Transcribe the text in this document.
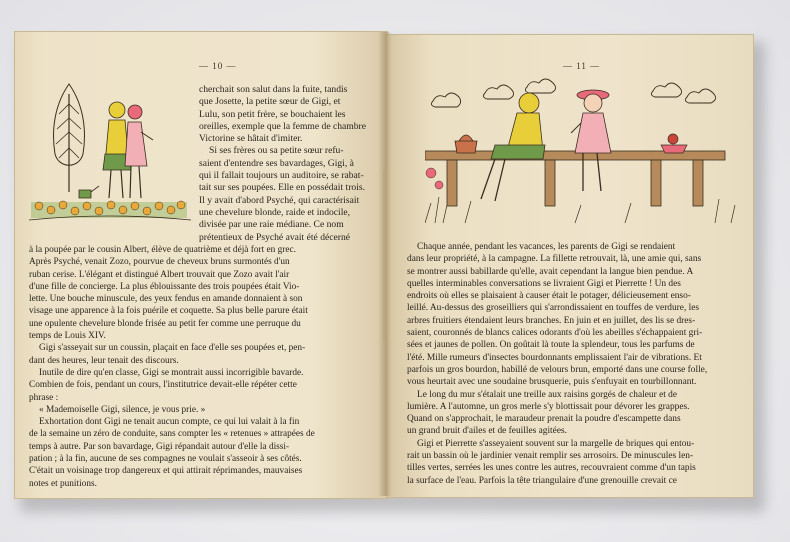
— 10 —
cherchait son salut dans la fuite, tandis
que Josette, la petite sœur de Gigi, et
Lulu, son petit frère, se bouchaient les
oreilles, exemple que la femme de chambre
Victorine se hâtait d'imiter.
Si ses frères ou sa petite sœur refu-
saient d'entendre ses bavardages, Gigi, à
qui il fallait toujours un auditoire, se rabat-
tait sur ses poupées. Elle en possédait trois.
Il y avait d'abord Psyché, qui caractérisait
une chevelure blonde, raide et indocile,
divisée par une raie médiane. Ce nom
prétentieux de Psyché avait été décerné
à la poupée par le cousin Albert, élève de quatrième et déjà fort en grec.
Après Psyché, venait Zozo, pourvue de cheveux bruns surmontés d'un
ruban cerise. L'élégant et distingué Albert trouvait que Zozo avait l'air
d'une fille de concierge. La plus éblouissante des trois poupées était Vio-
lette. Une bouche minuscule, des yeux fendus en amande donnaient à son
visage une apparence à la fois puérile et coquette. Sa plus belle parure était
une opulente chevelure blonde frisée au petit fer comme une perruque du
temps de Louis XIV.
Gigi s'asseyait sur un coussin, plaçait en face d'elle ses poupées et, pen-
dant des heures, leur tenait des discours.
Inutile de dire qu'en classe, Gigi se montrait aussi incorrigible bavarde.
Combien de fois, pendant un cours, l'institutrice devait-elle répéter cette
phrase :
« Mademoiselle Gigi, silence, je vous prie. »
Exhortation dont Gigi ne tenait aucun compte, ce qui lui valait à la fin
de la semaine un zéro de conduite, sans compter les « retenues » attrapées de
temps à autre. Par son bavardage, Gigi répandait autour d'elle la dissi-
pation ; à la fin, aucune de ses compagnes ne voulait s'asseoir à ses côtés.
C'était un voisinage trop dangereux et qui attirait réprimandes, mauvaises
notes et punitions.
— 11 —
Chaque année, pendant les vacances, les parents de Gigi se rendaient
dans leur propriété, à la campagne. La fillette retrouvait, là, une amie qui, sans
se montrer aussi babillarde qu'elle, avait cependant la langue bien pendue. A
quelles interminables conversations se livraient Gigi et Pierrette ! Un des
endroits où elles se plaisaient à causer était le potager, délicieusement enso-
leillé. Au-dessus des groseilliers qui s'arrondissaient en touffes de verdure, les
arbres fruitiers étendaient leurs branches. En juin et en juillet, des lis se dres-
saient, couronnés de blancs calices odorants d'où les abeilles s'échappaient gri-
sées et jaunes de pollen. On goûtait là toute la splendeur, tous les parfums de
l'été. Mille rumeurs d'insectes bourdonnants emplissaient l'air de vibrations. Et
parfois un gros bourdon, habillé de velours brun, emporté dans une course folle,
vous heurtait avec une soudaine brusquerie, puis s'enfuyait en tourbillonnant.
Le long du mur s'étalait une treille aux raisins gorgés de chaleur et de
lumière. A l'automne, un gros merle s'y blottissait pour dévorer les grappes.
Quand on s'approchait, le maraudeur prenait la poudre d'escampette dans
un grand bruit d'ailes et de feuilles agitées.
Gigi et Pierrette s'asseyaient souvent sur la margelle de briques qui entou-
rait un bassin où le jardinier venait remplir ses arrosoirs. De minuscules len-
tilles vertes, serrées les unes contre les autres, recouvraient comme d'un tapis
la surface de l'eau. Parfois la tête triangulaire d'une grenouille crevait ce
